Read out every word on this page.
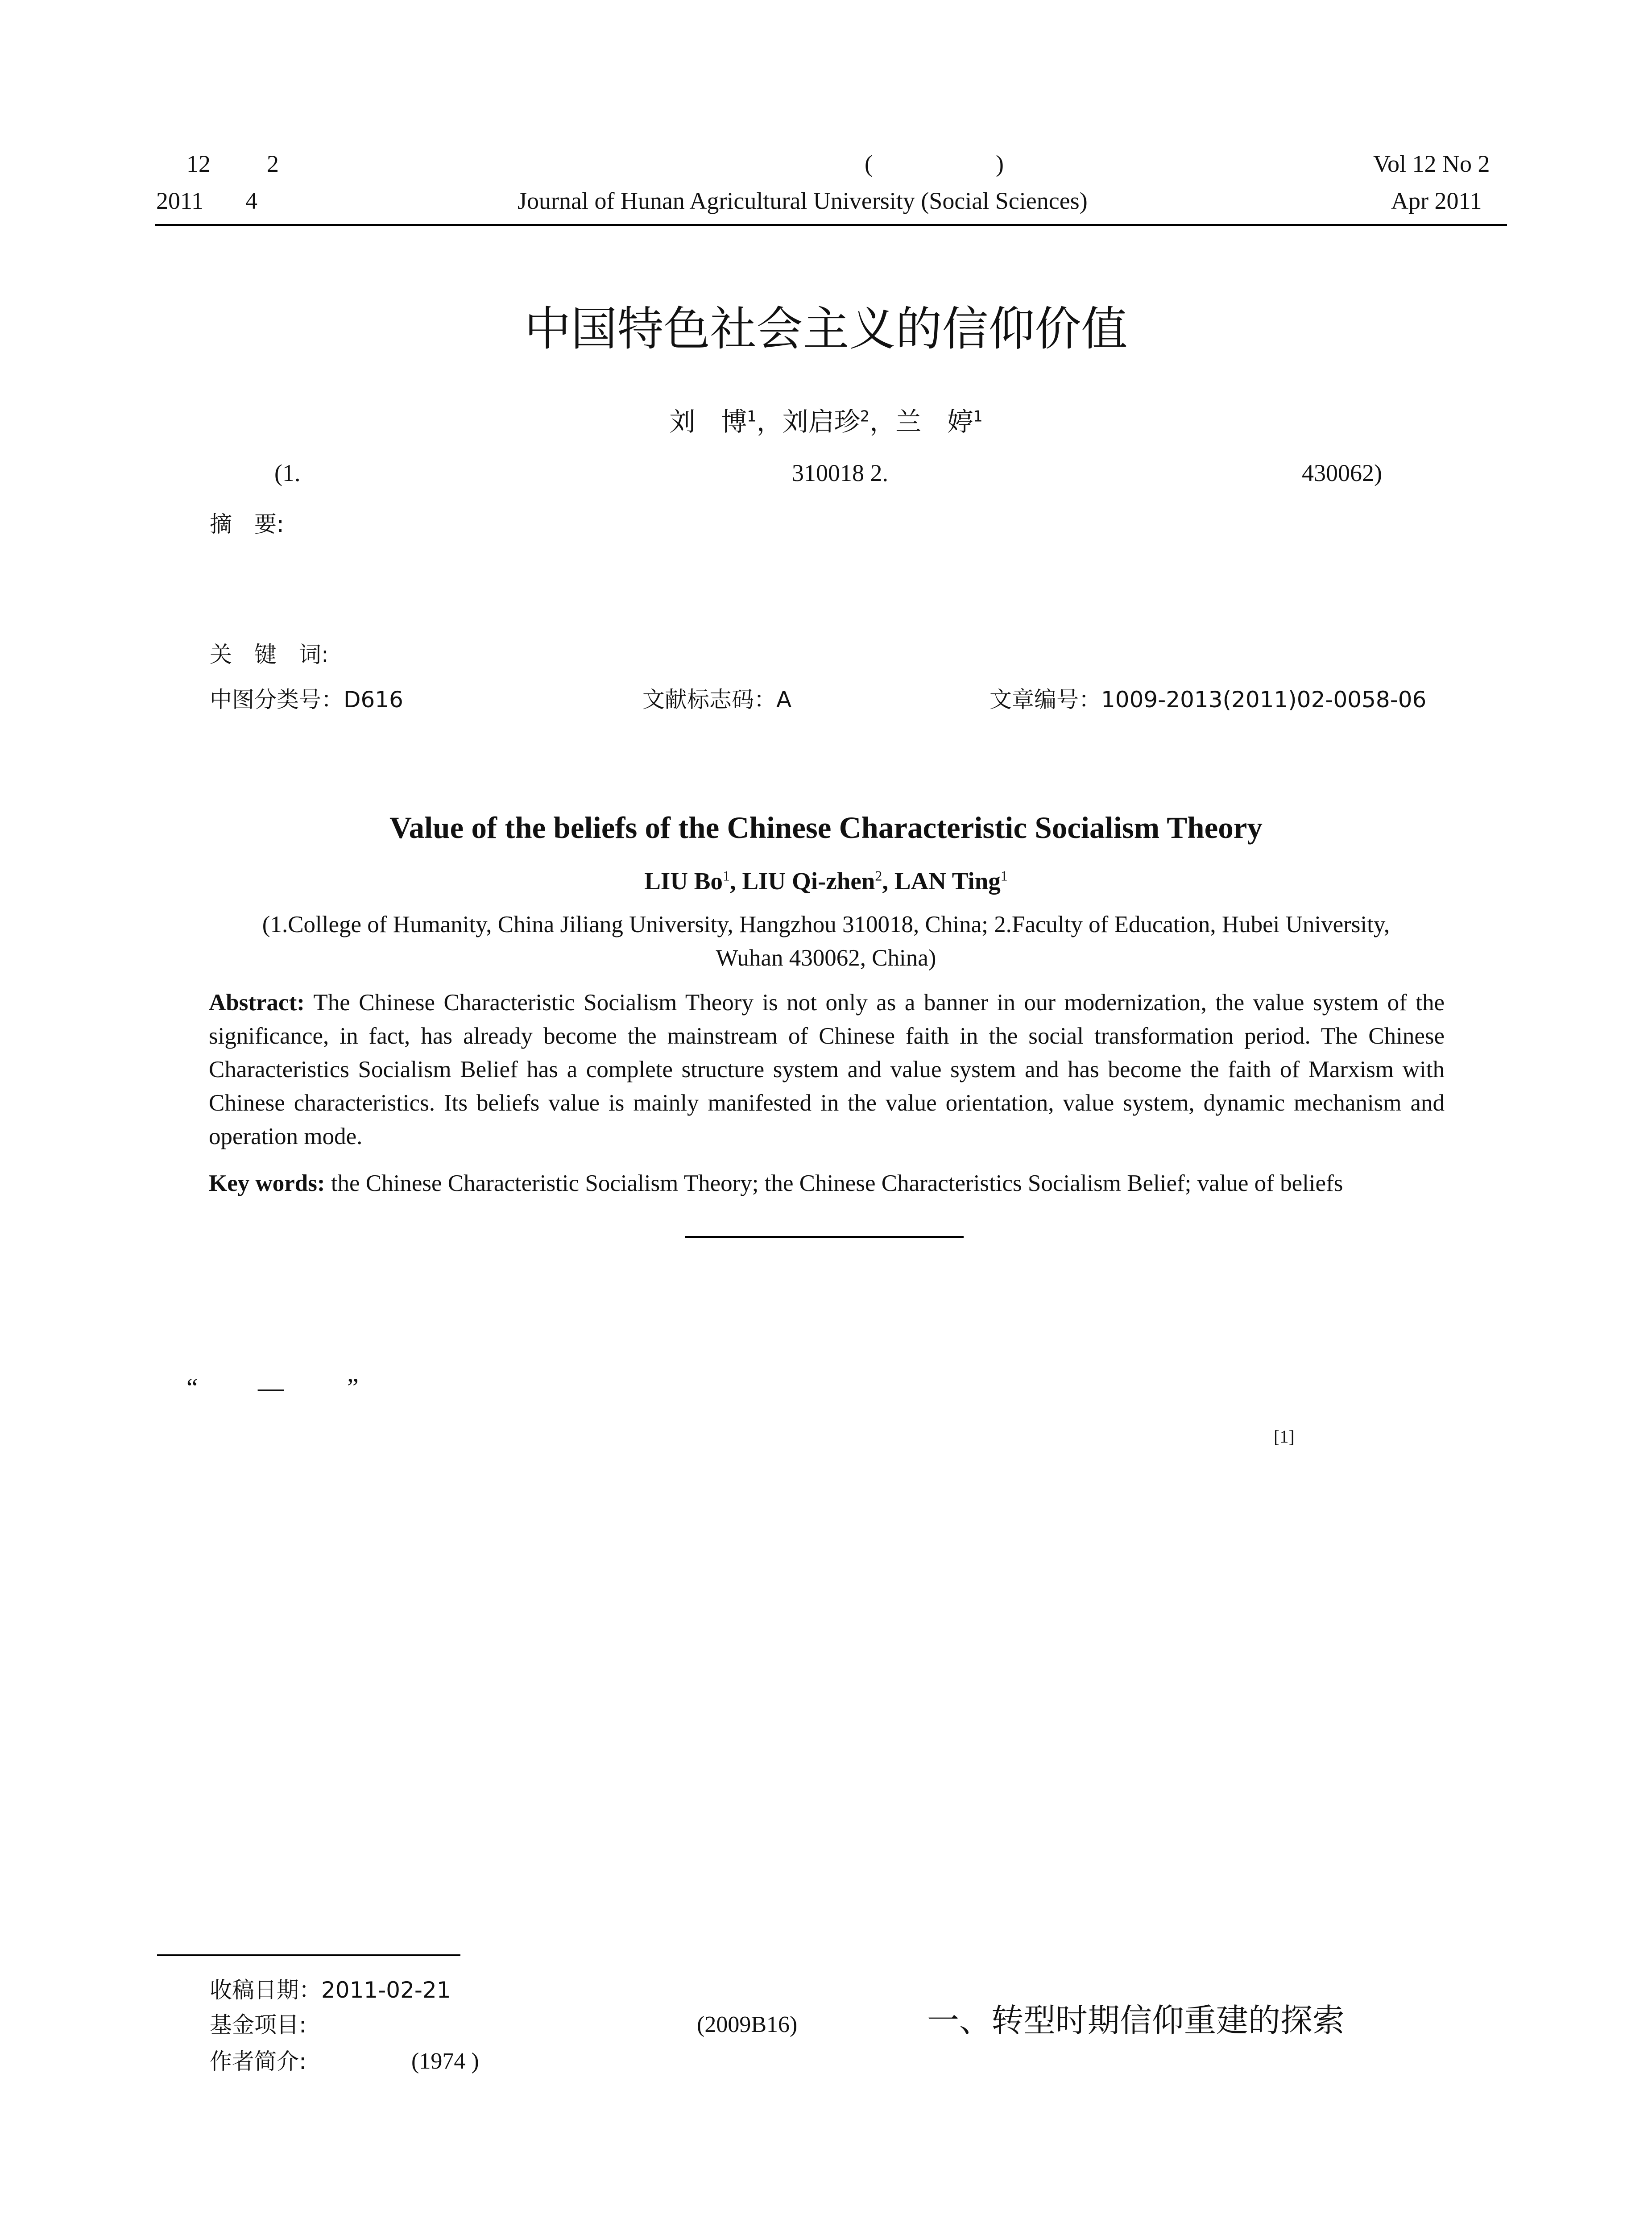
12 2	(	)	Vol 12 No 2
2011 4	Journal of Hunan Agricultural University (Social Sciences)	Apr 2011
中国特色社会主义的信仰价值
刘　博$^1$，刘启珍$^2$，兰　婷$^1$
(1.	310018 2.	430062)
摘　要:
关　键　词:
中图分类号：D616	文献标志码：A	文章编号：1009-2013(2011)02-0058-06
Value of the beliefs of the Chinese Characteristic Socialism Theory
LIU Bo$^1$, LIU Qi-zhen$^2$, LAN Ting$^1$
(1.College of Humanity, China Jiliang University, Hangzhou 310018, China; 2.Faculty of Education, Hubei University,
Wuhan 430062, China)
Abstract: The Chinese Characteristic Socialism Theory is not only as a banner in our modernization, the value system of the significance, in fact, has already become the mainstream of Chinese faith in the social transformation period. The Chinese Characteristics Socialism Belief has a complete structure system and value system and has become the faith of Marxism with Chinese characteristics. Its beliefs value is mainly manifested in the value orientation, value system, dynamic mechanism and operation mode.
Key words: the Chinese Characteristic Socialism Theory; the Chinese Characteristics Socialism Belief; value of beliefs
“ — ”
[1]
收稿日期：2011-02-21
基金项目:	(2009B16)
作者简介:	(1974 )
一、转型时期信仰重建的探索
